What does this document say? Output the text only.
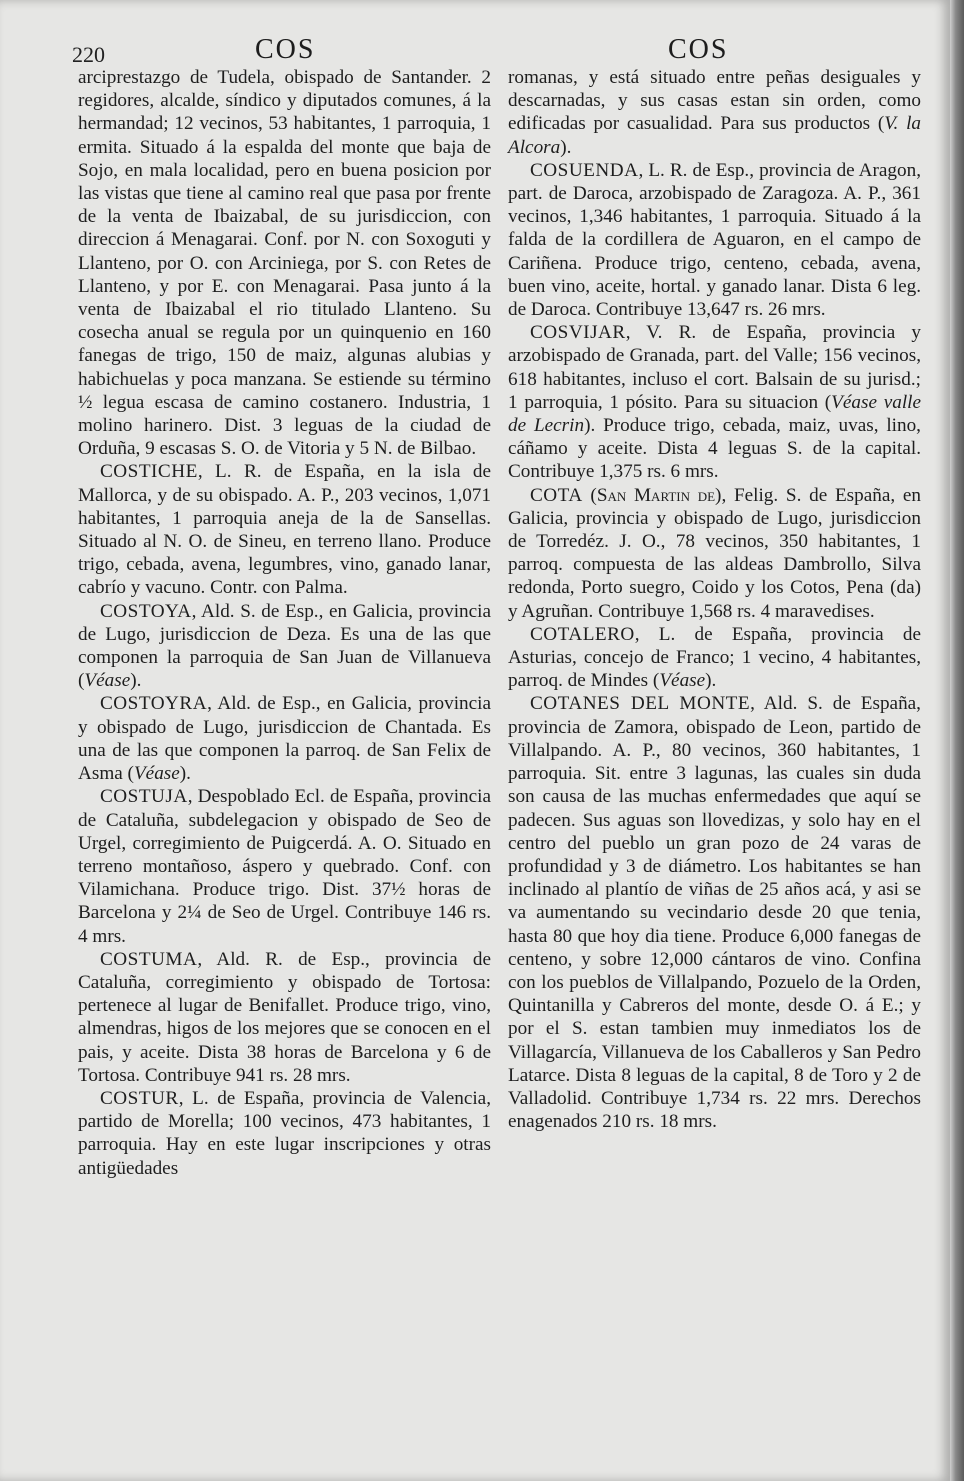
220	COS	COS

arciprestazgo de Tudela, obispado de Santander. 2 regidores, alcalde, síndico y diputados comunes, á la hermandad; 12 vecinos, 53 habitantes, 1 parroquia, 1 ermita. Situado á la espalda del monte que baja de Sojo, en mala localidad, pero en buena posicion por las vistas que tiene al camino real que pasa por frente de la venta de Ibaizabal, de su jurisdiccion, con direccion á Menagarai. Conf. por N. con Soxoguti y Llanteno, por O. con Arciniega, por S. con Retes de Llanteno, y por E. con Menagarai. Pasa junto á la venta de Ibaizabal el rio titulado Llanteno. Su cosecha anual se regula por un quinquenio en 160 fanegas de trigo, 150 de maiz, algunas alubias y habichuelas y poca manzana. Se estiende su término ½ legua escasa de camino costanero. Industria, 1 molino harinero. Dist. 3 leguas de la ciudad de Orduña, 9 escasas S. O. de Vitoria y 5 N. de Bilbao.

COSTICHE, L. R. de España, en la isla de Mallorca, y de su obispado. A. P., 203 vecinos, 1,071 habitantes, 1 parroquia aneja de la de Sansellas. Situado al N. O. de Sineu, en terreno llano. Produce trigo, cebada, avena, legumbres, vino, ganado lanar, cabrío y vacuno. Contr. con Palma.

COSTOYA, Ald. S. de Esp., en Galicia, provincia de Lugo, jurisdiccion de Deza. Es una de las que componen la parroquia de San Juan de Villanueva (Véase).

COSTOYRA, Ald. de Esp., en Galicia, provincia y obispado de Lugo, jurisdiccion de Chantada. Es una de las que componen la parroq. de San Felix de Asma (Véase).

COSTUJA, Despoblado Ecl. de España, provincia de Cataluña, subdelegacion y obispado de Seo de Urgel, corregimiento de Puigcerdá. A. O. Situado en terreno montañoso, áspero y quebrado. Conf. con Vilamichana. Produce trigo. Dist. 37½ horas de Barcelona y 2¼ de Seo de Urgel. Contribuye 146 rs. 4 mrs.

COSTUMA, Ald. R. de Esp., provincia de Cataluña, corregimiento y obispado de Tortosa: pertenece al lugar de Benifallet. Produce trigo, vino, almendras, higos de los mejores que se conocen en el pais, y aceite. Dista 38 horas de Barcelona y 6 de Tortosa. Contribuye 941 rs. 28 mrs.

COSTUR, L. de España, provincia de Valencia, partido de Morella; 100 vecinos, 473 habitantes, 1 parroquia. Hay en este lugar inscripciones y otras antigüedades

romanas, y está situado entre peñas desiguales y descarnadas, y sus casas estan sin orden, como edificadas por casualidad. Para sus productos (V. la Alcora).

COSUENDA, L. R. de Esp., provincia de Aragon, part. de Daroca, arzobispado de Zaragoza. A. P., 361 vecinos, 1,346 habitantes, 1 parroquia. Situado á la falda de la cordillera de Aguaron, en el campo de Cariñena. Produce trigo, centeno, cebada, avena, buen vino, aceite, hortal. y ganado lanar. Dista 6 leg. de Daroca. Contribuye 13,647 rs. 26 mrs.

COSVIJAR, V. R. de España, provincia y arzobispado de Granada, part. del Valle; 156 vecinos, 618 habitantes, incluso el cort. Balsain de su jurisd.; 1 parroquia, 1 pósito. Para su situacion (Véase valle de Lecrin). Produce trigo, cebada, maiz, uvas, lino, cáñamo y aceite. Dista 4 leguas S. de la capital. Contribuye 1,375 rs. 6 mrs.

COTA (San Martin de), Felig. S. de España, en Galicia, provincia y obispado de Lugo, jurisdiccion de Torredéz. J. O., 78 vecinos, 350 habitantes, 1 parroq. compuesta de las aldeas Dambrollo, Silva redonda, Porto suegro, Coido y los Cotos, Pena (da) y Agruñan. Contribuye 1,568 rs. 4 maravedises.

COTALERO, L. de España, provincia de Asturias, concejo de Franco; 1 vecino, 4 habitantes, parroq. de Mindes (Véase).

COTANES DEL MONTE, Ald. S. de España, provincia de Zamora, obispado de Leon, partido de Villalpando. A. P., 80 vecinos, 360 habitantes, 1 parroquia. Sit. entre 3 lagunas, las cuales sin duda son causa de las muchas enfermedades que aquí se padecen. Sus aguas son llovedizas, y solo hay en el centro del pueblo un gran pozo de 24 varas de profundidad y 3 de diámetro. Los habitantes se han inclinado al plantío de viñas de 25 años acá, y asi se va aumentando su vecindario desde 20 que tenia, hasta 80 que hoy dia tiene. Produce 6,000 fanegas de centeno, y sobre 12,000 cántaros de vino. Confina con los pueblos de Villalpando, Pozuelo de la Orden, Quintanilla y Cabreros del monte, desde O. á E.; y por el S. estan tambien muy inmediatos los de Villagarcía, Villanueva de los Caballeros y San Pedro Latarce. Dista 8 leguas de la capital, 8 de Toro y 2 de Valladolid. Contribuye 1,734 rs. 22 mrs. Derechos enagenados 210 rs. 18 mrs.
